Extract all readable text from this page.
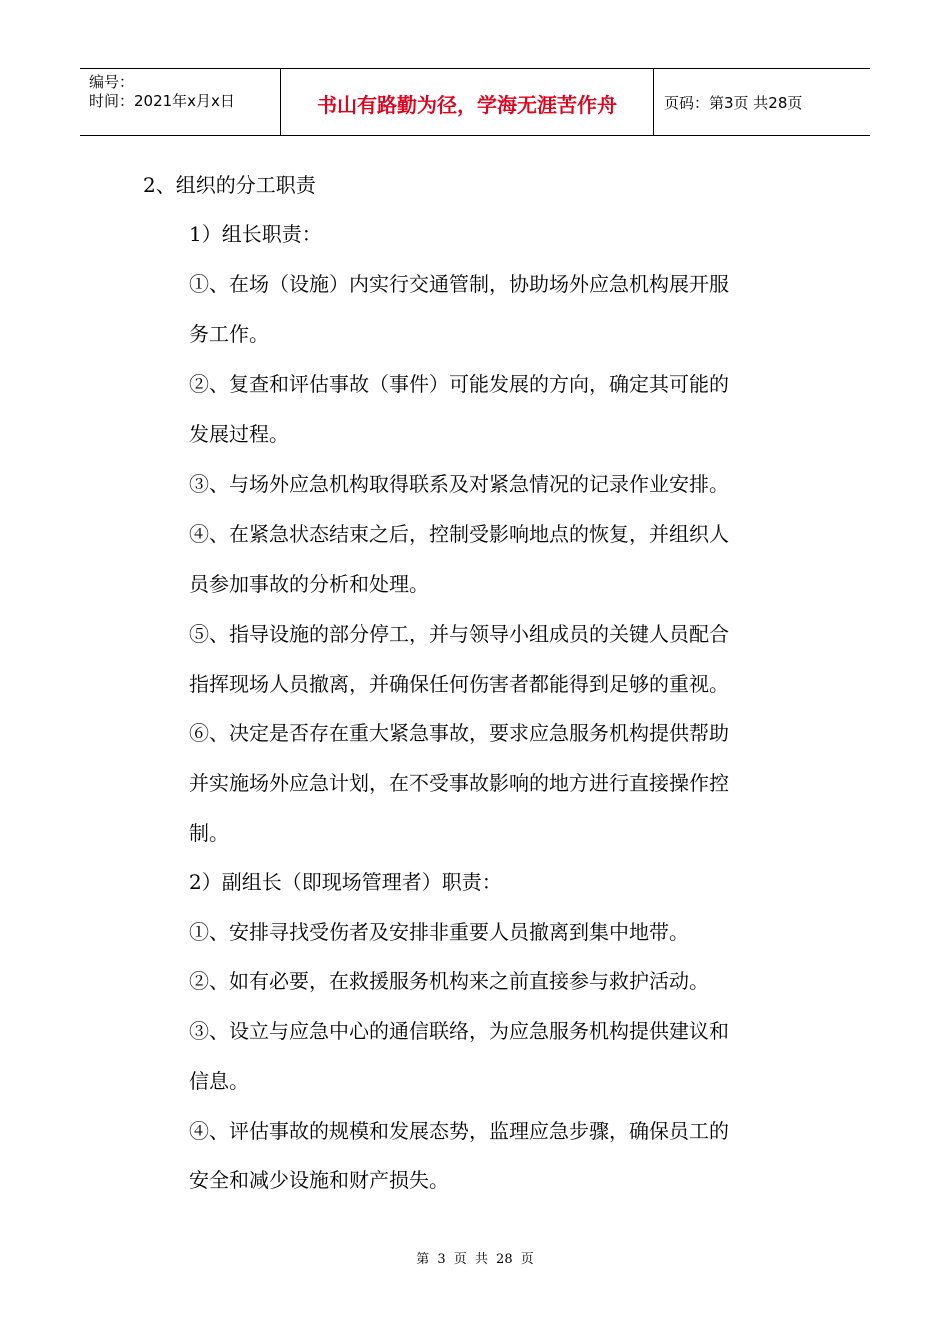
编号：
时间：2021年x月x日	书山有路勤为径，学海无涯苦作舟	页码：第3页 共28页
2、组织的分工职责
1）组长职责：
①、在场（设施）内实行交通管制，协助场外应急机构展开服
务工作。
②、复查和评估事故（事件）可能发展的方向，确定其可能的
发展过程。
③、与场外应急机构取得联系及对紧急情况的记录作业安排。
④、在紧急状态结束之后，控制受影响地点的恢复，并组织人
员参加事故的分析和处理。
⑤、指导设施的部分停工，并与领导小组成员的关键人员配合
指挥现场人员撤离，并确保任何伤害者都能得到足够的重视。
⑥、决定是否存在重大紧急事故，要求应急服务机构提供帮助
并实施场外应急计划，在不受事故影响的地方进行直接操作控
制。
2）副组长（即现场管理者）职责：
①、安排寻找受伤者及安排非重要人员撤离到集中地带。
②、如有必要，在救援服务机构来之前直接参与救护活动。
③、设立与应急中心的通信联络，为应急服务机构提供建议和
信息。
④、评估事故的规模和发展态势，监理应急步骤，确保员工的
安全和减少设施和财产损失。
第 3 页 共 28 页
